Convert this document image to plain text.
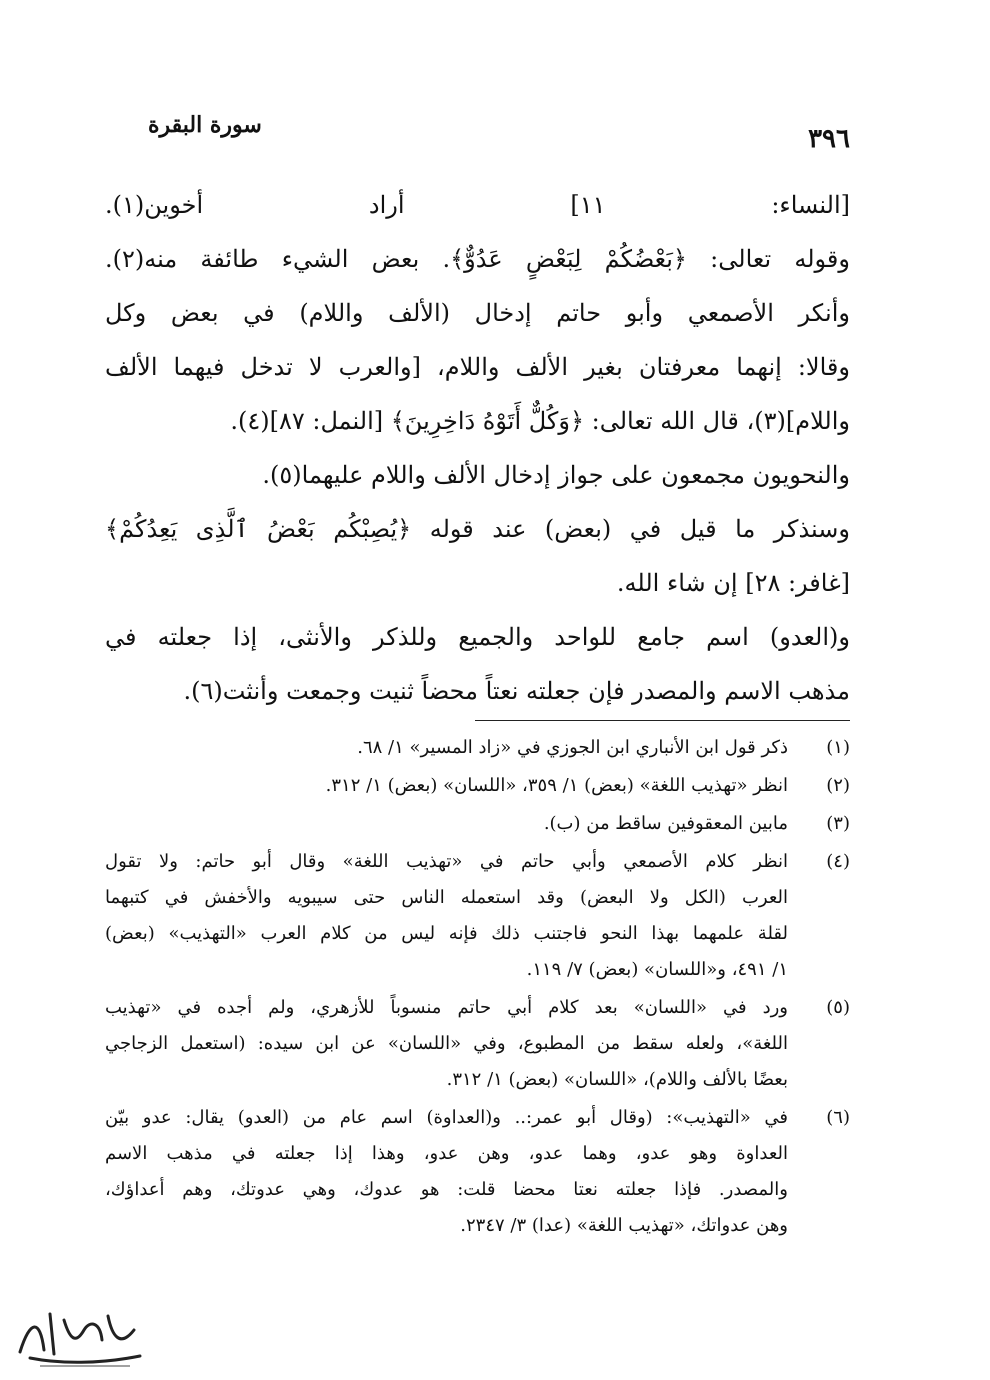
٣٩٦
سورة البقرة
[النساء: ١١] أراد أخوين(١).
وقوله تعالى: ﴿بَعْضُكُمْ لِبَعْضٍ عَدُوٌّ﴾. بعض الشيء طائفة منه(٢).
وأنكر الأصمعي وأبو حاتم إدخال (الألف واللام) في بعض وكل
وقالا: إنهما معرفتان بغير الألف واللام، [والعرب لا تدخل فيهما الألف
واللام](٣)، قال الله تعالى: ﴿وَكُلٌّ أَتَوْهُ دَاخِرِينَ﴾ [النمل: ٨٧](٤).
والنحويون مجمعون على جواز إدخال الألف واللام عليهما(٥).
وسنذكر ما قيل في (بعض) عند قوله ﴿يُصِبْكُم بَعْضُ ٱلَّذِى يَعِدُكُمْ﴾
[غافر: ٢٨] إن شاء الله.
و(العدو) اسم جامع للواحد والجميع وللذكر والأنثى، إذا جعلته في
مذهب الاسم والمصدر فإن جعلته نعتاً محضاً ثنيت وجمعت وأنثت(٦).
(١)
ذكر قول ابن الأنباري ابن الجوزي في «زاد المسير» ١/ ٦٨.
(٢)
انظر «تهذيب اللغة» (بعض) ١/ ٣٥٩، «اللسان» (بعض) ١/ ٣١٢.
(٣)
مابين المعقوفين ساقط من (ب).
(٤)
انظر كلام الأصمعي وأبي حاتم في «تهذيب اللغة» وقال أبو حاتم: ولا تقول
العرب (الكل ولا البعض) وقد استعمله الناس حتى سيبويه والأخفش في كتبهما
لقلة علمهما بهذا النحو فاجتنب ذلك فإنه ليس من كلام العرب «التهذيب» (بعض)
١/ ٤٩١، و«اللسان» (بعض) ٧/ ١١٩.
(٥)
ورد في «اللسان» بعد كلام أبي حاتم منسوباً للأزهري، ولم أجده في «تهذيب
اللغة»، ولعله سقط من المطبوع، وفي «اللسان» عن ابن سيده: (استعمل الزجاجي
بعضًا بالألف واللام)، «اللسان» (بعض) ١/ ٣١٢.
(٦)
في «التهذيب»: (وقال أبو عمر:.. و(العداوة) اسم عام من (العدو) يقال: عدو بيّن
العداوة وهو عدو، وهما عدو، وهن عدو، وهذا إذا جعلته في مذهب الاسم
والمصدر. فإذا جعلته نعتا محضا قلت: هو عدوك، وهي عدوتك، وهم أعداؤك،
وهن عدواتك، «تهذيب اللغة» (عدا) ٣/ ٢٣٤٧.
